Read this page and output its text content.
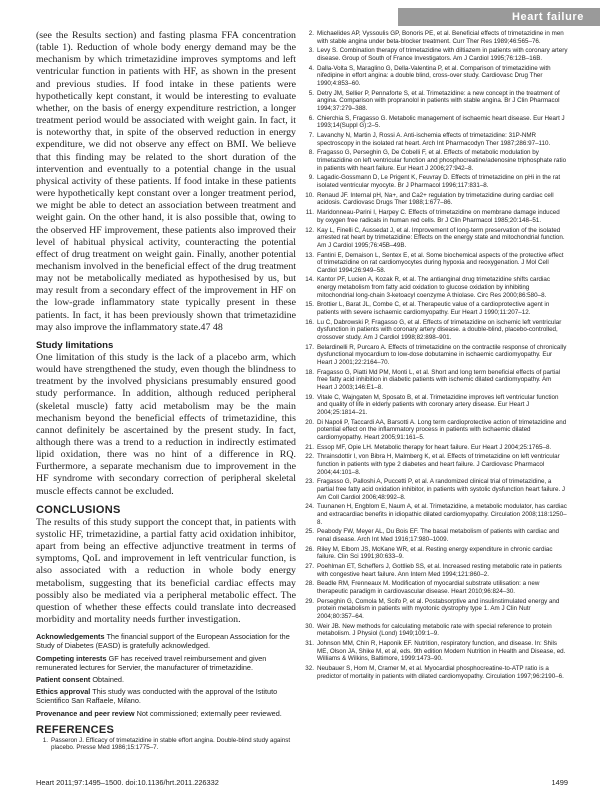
Heart failure

(see the Results section) and fasting plasma FFA concentration (table 1). Reduction of whole body energy demand may be the mechanism by which trimetazidine improves symptoms and left ventricular function in patients with HF, as shown in the present and previous studies. If food intake in these patients were hypothetically kept constant, it would be interesting to evaluate whether, on the basis of energy expenditure restriction, a longer treatment period would be associated with weight gain. In fact, it is noteworthy that, in spite of the observed reduction in energy expenditure, we did not observe any effect on BMI. We believe that this finding may be related to the short duration of the intervention and eventually to a potential change in the usual physical activity of these patients. If food intake in these patients were hypothetically kept constant over a longer treatment period, we might be able to detect an association between treatment and weight gain. On the other hand, it is also possible that, owing to the observed HF improvement, these patients also improved their level of habitual physical activity, counteracting the potential effect of drug treatment on weight gain. Finally, another potential mechanism involved in the beneficial effect of the drug treatment may not be metabolically mediated as hypothesised by us, but may result from a secondary effect of the improvement in HF on the low-grade inflammatory state typically present in these patients. In fact, it has been previously shown that trimetazidine may also improve the inflammatory state.47 48

Study limitations

One limitation of this study is the lack of a placebo arm, which would have strengthened the study, even though the blindness to treatment by the involved physicians presumably ensured good study performance. In addition, although reduced peripheral (skeletal muscle) fatty acid metabolism may be the main mechanism beyond the beneficial effects of trimetazidine, this cannot definitely be ascertained by the present study. In fact, although there was a trend to a reduction in indirectly estimated lipid oxidation, there was no hint of a difference in RQ. Furthermore, a separate mechanism due to improvement in the HF syndrome with secondary correction of peripheral skeletal muscle effects cannot be excluded.

CONCLUSIONS

The results of this study support the concept that, in patients with systolic HF, trimetazidine, a partial fatty acid oxidation inhibitor, apart from being an effective adjunctive treatment in terms of symptoms, QoL and improvement in left ventricular function, is also associated with a reduction in whole body energy metabolism, suggesting that its beneficial cardiac effects may possibly also be mediated via a peripheral metabolic effect. The question of whether these effects could translate into decreased morbidity and mortality needs further investigation.

Acknowledgements The financial support of the European Association for the Study of Diabetes (EASD) is gratefully acknowledged.

Competing interests GF has received travel reimbursement and given remunerated lectures for Servier, the manufacturer of trimetazidine.

Patient consent Obtained.

Ethics approval This study was conducted with the approval of the Istituto Scientifico San Raffaele, Milano.

Provenance and peer review Not commissioned; externally peer reviewed.

REFERENCES
1. Passeron J. Efficacy of trimetazidine in stable effort angina. Double-blind study against placebo. Presse Med 1986;15:1775–7.
2. Michaelides AP, Vyssoulis GP, Bonoris PE, et al. Beneficial effects of trimetazidine in men with stable angina under beta-blocker treatment. Curr Ther Res 1989;46:565–76.
3. Levy S. Combination therapy of trimetazidine with diltiazem in patients with coronary artery disease. Group of South of France Investigators. Am J Cardiol 1995;76:12B–16B.
4. Dalla-Volta S, Maraglino G, Della-Valentina P, et al. Comparison of trimetazidine with nifedipine in effort angina: a double blind, cross-over study. Cardiovasc Drug Ther 1990;4:853–60.
5. Detry JM, Sellier P, Pennaforte S, et al. Trimetazidine: a new concept in the treatment of angina. Comparison with propranolol in patients with stable angina. Br J Clin Pharmacol 1994;37:279–388.
6. Chierchia S, Fragasso G. Metabolic management of ischaemic heart disease. Eur Heart J 1993;14(Suppl G):2–5.
7. Lavanchy N, Martin J, Rossi A. Anti-ischemia effects of trimetazidine: 31P-NMR spectroscopy in the isolated rat heart. Arch Int Pharmacodyn Ther 1987;286:97–110.
8. Fragasso G, Perseghin G, De Cobelli F, et al. Effects of metabolic modulation by trimetazidine on left ventricular function and phosphocreatine/adenosine triphosphate ratio in patients with heart failure. Eur Heart J 2006;27:942–8.
9. Lagadic-Gossmann D, Le Prigent K, Feuvray D. Effects of trimetazidine on pHi in the rat isolated ventricular myocyte. Br J Pharmacol 1996;117:831–8.
10. Renaud JF. Internal pH, Na+, and Ca2+ regulation by trimetazidine during cardiac cell acidosis. Cardiovasc Drugs Ther 1988;1:677–86.
11. Maridonneau-Parini I, Harpey C. Effects of trimetazidine on membrane damage induced by oxygen free radicals in human red cells. Br J Clin Pharmacol 1985;20:148–51.
12. Kay L, Finelli C, Aussedat J, et al. Improvement of long-term preservation of the isolated arrested rat heart by trimetazidine: Effects on the energy state and mitochondrial function. Am J Cardiol 1995;76:45B–49B.
13. Fantini E, Demaison L, Sentex E, et al. Some biochemical aspects of the protective effect of trimetazidine on rat cardiomyocytes during hypoxia and reoxygenation. J Mol Cell Cardiol 1994;26:949–58.
14. Kantor PF, Lucien A, Kozak R, et al. The antianginal drug trimetazidine shifts cardiac energy metabolism from fatty acid oxidation to glucose oxidation by inhibiting mitochondrial long-chain 3-ketoacyl coenzyme A thiolase. Circ Res 2000;86:580–8.
15. Brottier L, Barat JL, Combe C, et al. Therapeutic value of a cardioprotective agent in patients with severe ischaemic cardiomyopathy. Eur Heart J 1990;11:207–12.
16. Lu C, Dabrowski P, Fragasso G, et al. Effects of trimetazidine on ischemic left ventricular dysfunction in patients with coronary artery disease. a double-blind, placebo-controlled, crossover study. Am J Cardiol 1998;82:898–901.
17. Belardinelli R, Purcaro A. Effects of trimetazidine on the contractile response of chronically dysfunctional myocardium to low-dose dobutamine in ischaemic cardiomyopathy. Eur Heart J 2001;22:2164–70.
18. Fragasso G, Piatti Md PM, Monti L, et al. Short and long term beneficial effects of partial free fatty acid inhibition in diabetic patients with ischemic dilated cardiomyopathy. Am Heart J 2003;146:E1–8.
19. Vitale C, Wajngaten M, Sposato B, et al. Trimetazidine improves left ventricular function and quality of life in elderly patients with coronary artery disease. Eur Heart J 2004;25:1814–21.
20. Di Napoli P, Taccardi AA, Barsotti A. Long term cardioprotective action of trimetazidine and potential effect on the inflammatory process in patients with ischaemic dilated cardiomyopathy. Heart 2005;91:161–5.
21. Essop MF, Opie LH. Metabolic therapy for heart failure. Eur Heart J 2004;25:1765–8.
22. Thrainsdottir I, von Bibra H, Malmberg K, et al. Effects of trimetazidine on left ventricular function in patients with type 2 diabetes and heart failure. J Cardiovasc Pharmacol 2004;44:101–8.
23. Fragasso G, Palloshi A, Puccetti P, et al. A randomized clinical trial of trimetazidine, a partial free fatty acid oxidation inhibitor, in patients with systolic dysfunction heart failure. J Am Coll Cardiol 2006;48:992–8.
24. Tuunanen H, Engblom E, Naum A, et al. Trimetazidine, a metabolic modulator, has cardiac and extracardiac benefits in idiopathic dilated cardiomyopathy. Circulation 2008;118:1250–8.
25. Peabody FW, Meyer AL, Du Bois EF. The basal metabolism of patients with cardiac and renal disease. Arch Int Med 1916;17:980–1009.
26. Riley M, Elborn JS, McKane WR, et al. Resting energy expenditure in chronic cardiac failure. Clin Sci 1991;80:633–9.
27. Poehlman ET, Scheffers J, Gottlieb SS, et al. Increased resting metabolic rate in patients with congestive heart failure. Ann Intern Med 1994;121:860–2.
28. Beadle RM, Frenneaux M. Modification of myocardial substrate utilisation: a new therapeutic paradigm in cardiovascular disease. Heart 2010;96:824–30.
29. Perseghin G, Comola M, Scifo P, et al. Postabsorptive and insulinstimulated energy and protein metabolism in patients with myotonic dystrophy type 1. Am J Clin Nutr 2004;80:357–64.
30. Weir JB. New methods for calculating metabolic rate with special reference to protein metabolism. J Physiol (Lond) 1949;109:1–9.
31. Johnson MM, Chin R, Haponik EF. Nutrition, respiratory function, and disease. In: Shils ME, Olson JA, Shike M, et al, eds. 9th edition Modern Nutrition in Health and Disease, ed. Williams & Wilkins, Baltimore, 1999:1473–90.
32. Neubauer S, Horn M, Cramer M, et al. Myocardial phosphocreatine-to-ATP ratio is a predictor of mortality in patients with dilated cardiomyopathy. Circulation 1997;96:2190–6.
Heart 2011;97:1495–1500. doi:10.1136/hrt.2011.226332	1499
